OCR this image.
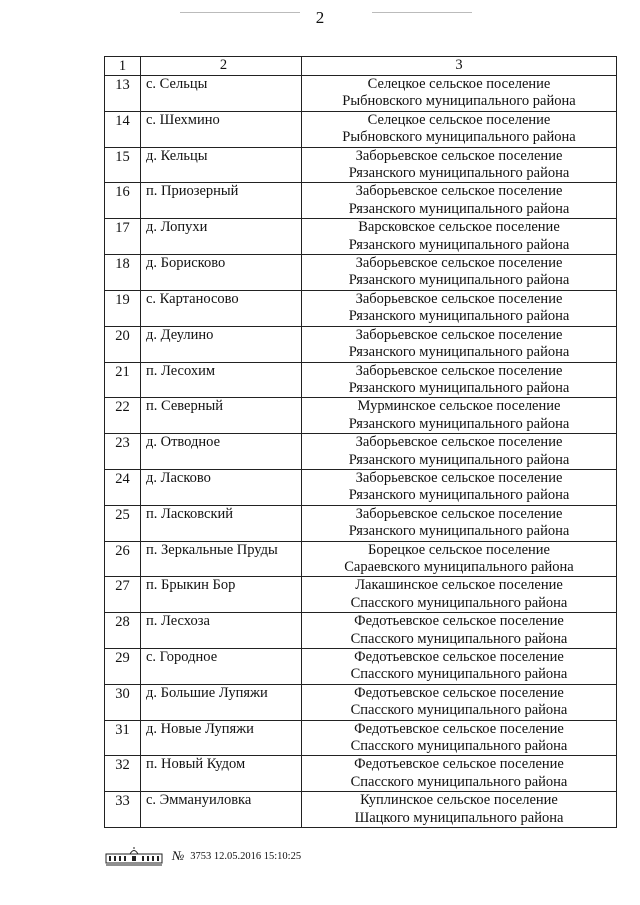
2
1	2	3
13	с. Сельцы	Селецкое сельское поселение
Рыбновского муниципального района

14	с. Шехмино	Селецкое сельское поселение
Рыбновского муниципального района

15	д. Кельцы	Заборьевское сельское поселение
Рязанского муниципального района

16	п. Приозерный	Заборьевское сельское поселение
Рязанского муниципального района

17	д. Лопухи	Варсковское сельское поселение
Рязанского муниципального района

18	д. Борисково	Заборьевское сельское поселение
Рязанского муниципального района

19	с. Картаносово	Заборьевское сельское поселение
Рязанского муниципального района

20	д. Деулино	Заборьевское сельское поселение
Рязанского муниципального района

21	п. Лесохим	Заборьевское сельское поселение
Рязанского муниципального района

22	п. Северный	Мурминское сельское поселение
Рязанского муниципального района

23	д. Отводное	Заборьевское сельское поселение
Рязанского муниципального района

24	д. Ласково	Заборьевское сельское поселение
Рязанского муниципального района

25	п. Ласковский	Заборьевское сельское поселение
Рязанского муниципального района

26	п. Зеркальные Пруды	Борецкое сельское поселение
Сараевского муниципального района

27	п. Брыкин Бор	Лакашинское сельское поселение
Спасского муниципального района

28	п. Лесхоза	Федотьевское сельское поселение
Спасского муниципального района

29	с. Городное	Федотьевское сельское поселение
Спасского муниципального района

30	д. Большие Лупяжи	Федотьевское сельское поселение
Спасского муниципального района

31	д. Новые Лупяжи	Федотьевское сельское поселение
Спасского муниципального района

32	п. Новый Кудом	Федотьевское сельское поселение
Спасского муниципального района

33	с. Эммануиловка	Куплинское сельское поселение
Шацкого муниципального района
№ 3753 12.05.2016 15:10:25
